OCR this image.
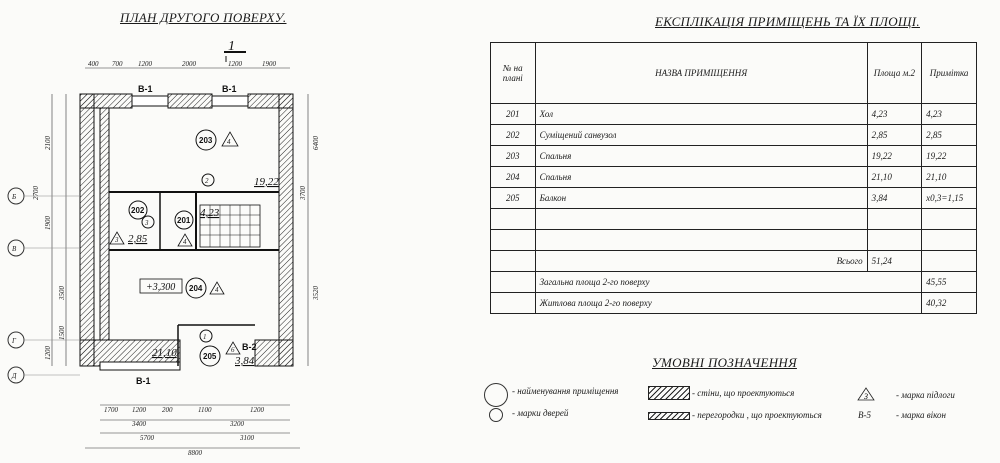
ПЛАН ДРУГОГО ПОВЕРХУ.	ЕКСПЛІКАЦІЯ ПРИМІЩЕНЬ ТА ЇХ ПЛОЩІ.
1
400 700 1200	2000	1200	1900
В-1	В-1
В-1
В-2
203 4
19,22
202
2,85
3
201
4
4,23
204 4
+3,300
205
6
3,84
21,10
2
3
1
2100
2700
1900
3500
1200
1500
3700
3520
6400
Б
В
Г
Д
1700 1200 200	1100	1200
3400	3200
5700	3100
8800
№ на плані	НАЗВА ПРИМІЩЕННЯ	Площа м.2	Примітка
201	Хол	4,23	4,23
202	Суміщений санвузол	2,85	2,85
203	Спальня	19,22	19,22
204	Спальня	21,10	21,10
205	Балкон	3,84	х0,3=1,15

	Всього	51,24	
	Загальна площа 2-го поверху		45,55
	Житлова площа 2-го поверху		40,32
УМОВНІ ПОЗНАЧЕННЯ
- найменування приміщення
- марки дверей
- стіни, що проектуються
- перегородки , що проектуються
3	- марка підлоги
В-5	- марка вікон
